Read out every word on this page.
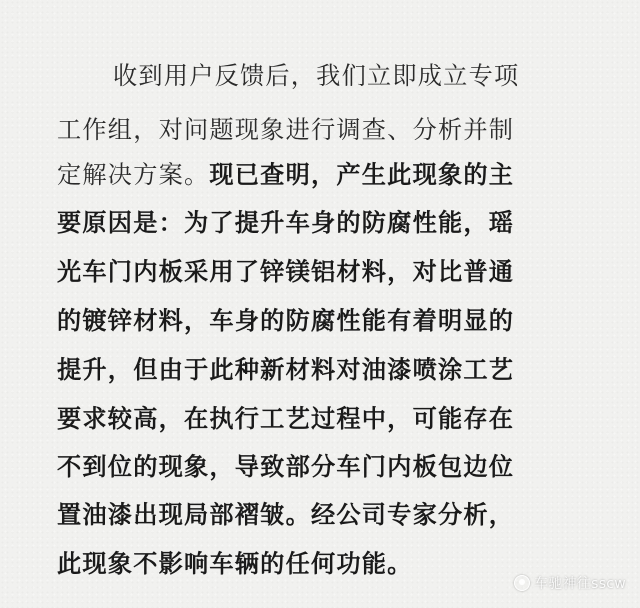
收到用户反馈后，我们立即成立专项
工作组，对问题现象进行调查、分析并制
定解决方案。现已查明，产生此现象的主
要原因是：为了提升车身的防腐性能，瑶
光车门内板采用了锌镁铝材料，对比普通
的镀锌材料，车身的防腐性能有着明显的
提升，但由于此种新材料对油漆喷涂工艺
要求较高，在执行工艺过程中，可能存在
不到位的现象，导致部分车门内板包边位
置油漆出现局部褶皱。经公司专家分析，
此现象不影响车辆的任何功能。
车驰神往sscw
